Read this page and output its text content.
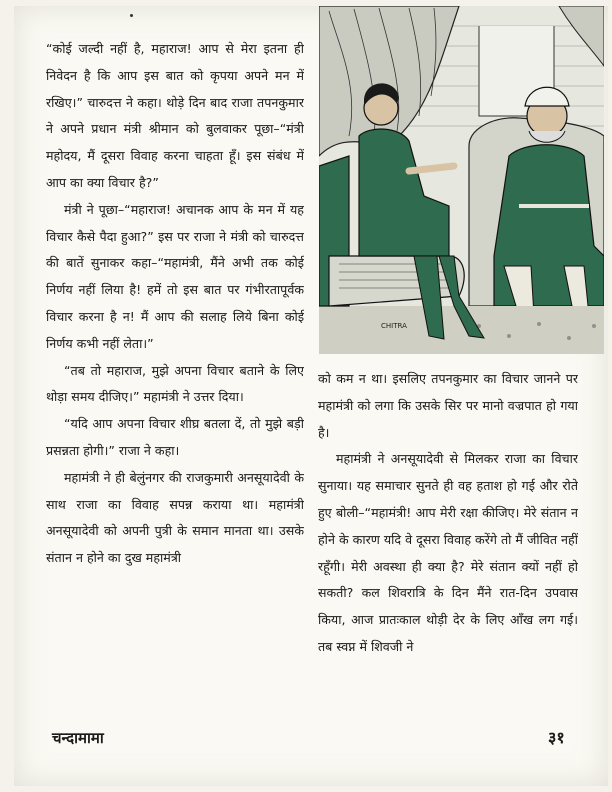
“कोई जल्दी नहीं है, महाराज! आप से मेरा इतना ही निवेदन है कि आप इस बात को कृपया अपने मन में रखिए।” चारुदत्त ने कहा। थोड़े दिन बाद राजा तपनकुमार ने अपने प्रधान मंत्री श्रीमान को बुलवाकर पूछा–“मंत्री महोदय, मैं दूसरा विवाह करना चाहता हूँ। इस संबंध में आप का क्या विचार है?”

मंत्री ने पूछा–“महाराज! अचानक आप के मन में यह विचार कैसे पैदा हुआ?” इस पर राजा ने मंत्री को चारुदत्त की बातें सुनाकर कहा–“महामंत्री, मैंने अभी तक कोई निर्णय नहीं लिया है! हमें तो इस बात पर गंभीरतापूर्वक विचार करना है न! मैं आप की सलाह लिये बिना कोई निर्णय कभी नहीं लेता।”

“तब तो महाराज, मुझे अपना विचार बताने के लिए थोड़ा समय दीजिए।” महामंत्री ने उत्तर दिया।

“यदि आप अपना विचार शीघ्र बतला दें, तो मुझे बड़ी प्रसन्नता होगी।” राजा ने कहा।

महामंत्री ने ही बेलुंनगर की राजकुमारी अनसूयादेवी के साथ राजा का विवाह सपन्न कराया था। महामंत्री अनसूयादेवी को अपनी पुत्री के समान मानता था। उसके संतान न होने का दुख महामंत्री

CHITRA

को कम न था। इसलिए तपनकुमार का विचार जानने पर महामंत्री को लगा कि उसके सिर पर मानो वज्रपात हो गया है।

महामंत्री ने अनसूयादेवी से मिलकर राजा का विचार सुनाया। यह समाचार सुनते ही वह हताश हो गई और रोते हुए बोली–“महामंत्री! आप मेरी रक्षा कीजिए। मेरे संतान न होने के कारण यदि वे दूसरा विवाह करेंगे तो मैं जीवित नहीं रहूँगी। मेरी अवस्था ही क्या है? मेरे संतान क्यों नहीं हो सकती? कल शिवरात्रि के दिन मैंने रात-दिन उपवास किया, आज प्रातःकाल थोड़ी देर के लिए आँख लग गई। तब स्वप्न में शिवजी ने

चन्दामामा	३१
